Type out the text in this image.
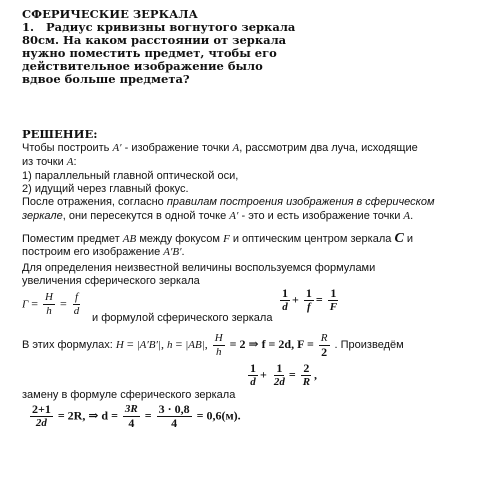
СФЕРИЧЕСКИЕ ЗЕРКАЛА
1.   Радиус кривизны вогнутого зеркала
80см. На каком расстоянии от зеркала
нужно поместить предмет, чтобы его
действительное изображение было
вдвое больше предмета?
РЕШЕНИЕ:
Чтобы построить A′ - изображение точки A, рассмотрим два луча, исходящие
из точки A:
1) параллельный главной оптической оси,
2) идущий через главный фокус.
После отражения, согласно правилам построения изображения в сферическом
зеркале, они пересекутся в одной точке A′ - это и есть изображение точки A.
Поместим предмет AB между фокусом F и оптическим центром зеркала C и
построим его изображение A′B′.
Для определения неизвестной величины воспользуемся формулами
увеличения сферического зеркала
$Г = \frac{H}{h} = \frac{f}{d}$	$\frac{1}{d} + \frac{1}{f} = \frac{1}{F}$
и формулой сферического зеркала
В этих формулах: H = |A′B′|, h = |AB|, $\frac{H}{h} = 2$ ⇒ f = 2d, $F = \frac{R}{2}$ . Произведём
$\frac{1}{d} + \frac{1}{2d} = \frac{2}{R}$ ,
замену в формуле сферического зеркала
$\frac{2+1}{2d} = 2R$, ⇒ $d = \frac{3R}{4} = \frac{3 \cdot 0,8}{4} = 0,6(м)$.
